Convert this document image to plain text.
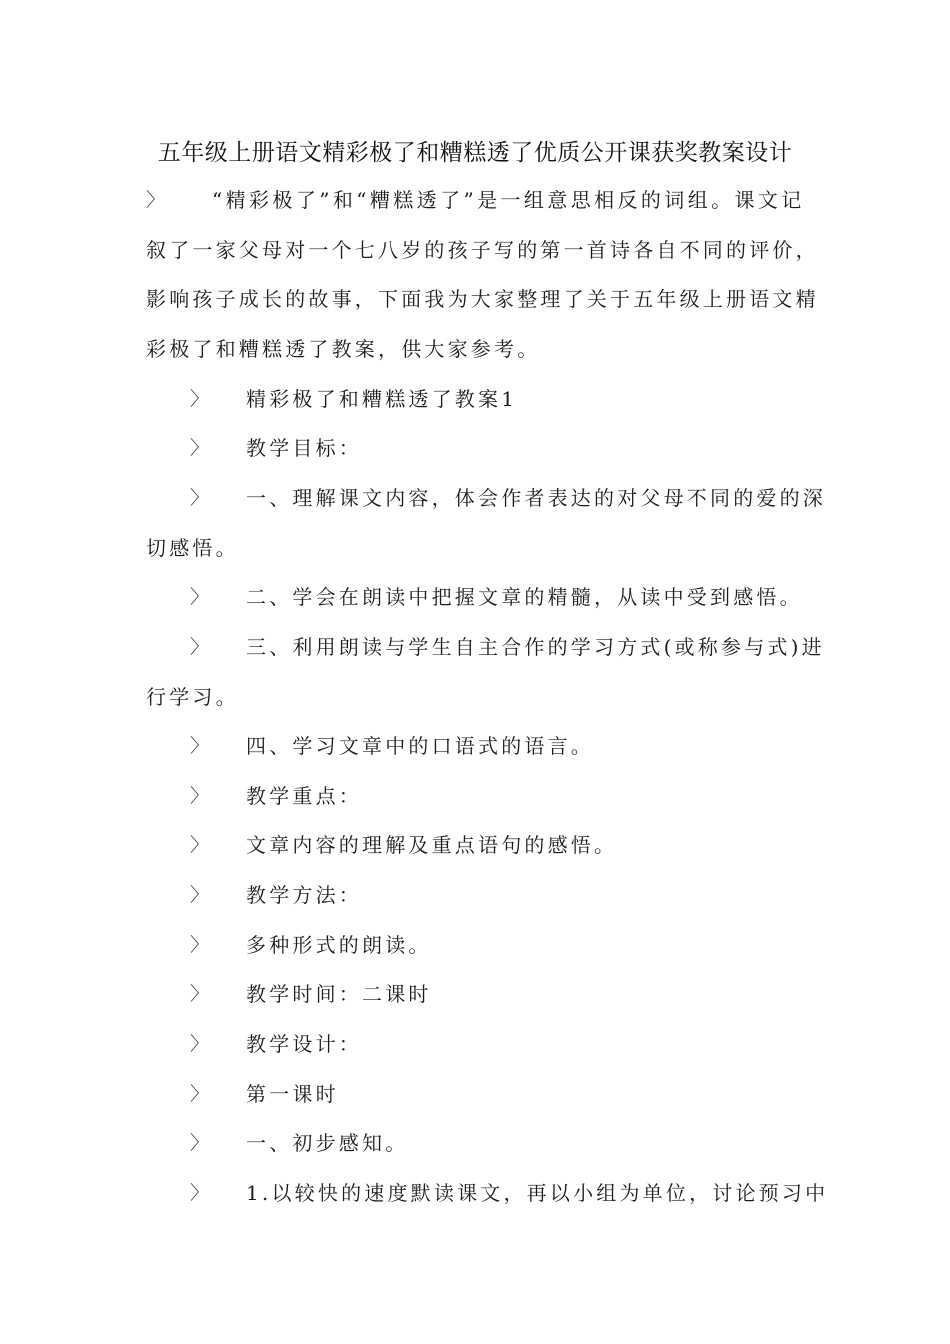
五年级上册语文精彩极了和糟糕透了优质公开课获奖教案设计
〉 “精彩极了”和“糟糕透了”是一组意思相反的词组。课文记
叙了一家父母对一个七八岁的孩子写的第一首诗各自不同的评价，
影响孩子成长的故事，下面我为大家整理了关于五年级上册语文精
彩极了和糟糕透了教案，供大家参考。
〉 精彩极了和糟糕透了教案1
〉 教学目标：
〉 一、理解课文内容，体会作者表达的对父母不同的爱的深
切感悟。
〉 二、学会在朗读中把握文章的精髓，从读中受到感悟。
〉 三、利用朗读与学生自主合作的学习方式(或称参与式)进
行学习。
〉 四、学习文章中的口语式的语言。
〉 教学重点：
〉 文章内容的理解及重点语句的感悟。
〉 教学方法：
〉 多种形式的朗读。
〉 教学时间：二课时
〉 教学设计：
〉 第一课时
〉 一、初步感知。
〉 1.以较快的速度默读课文，再以小组为单位，讨论预习中
